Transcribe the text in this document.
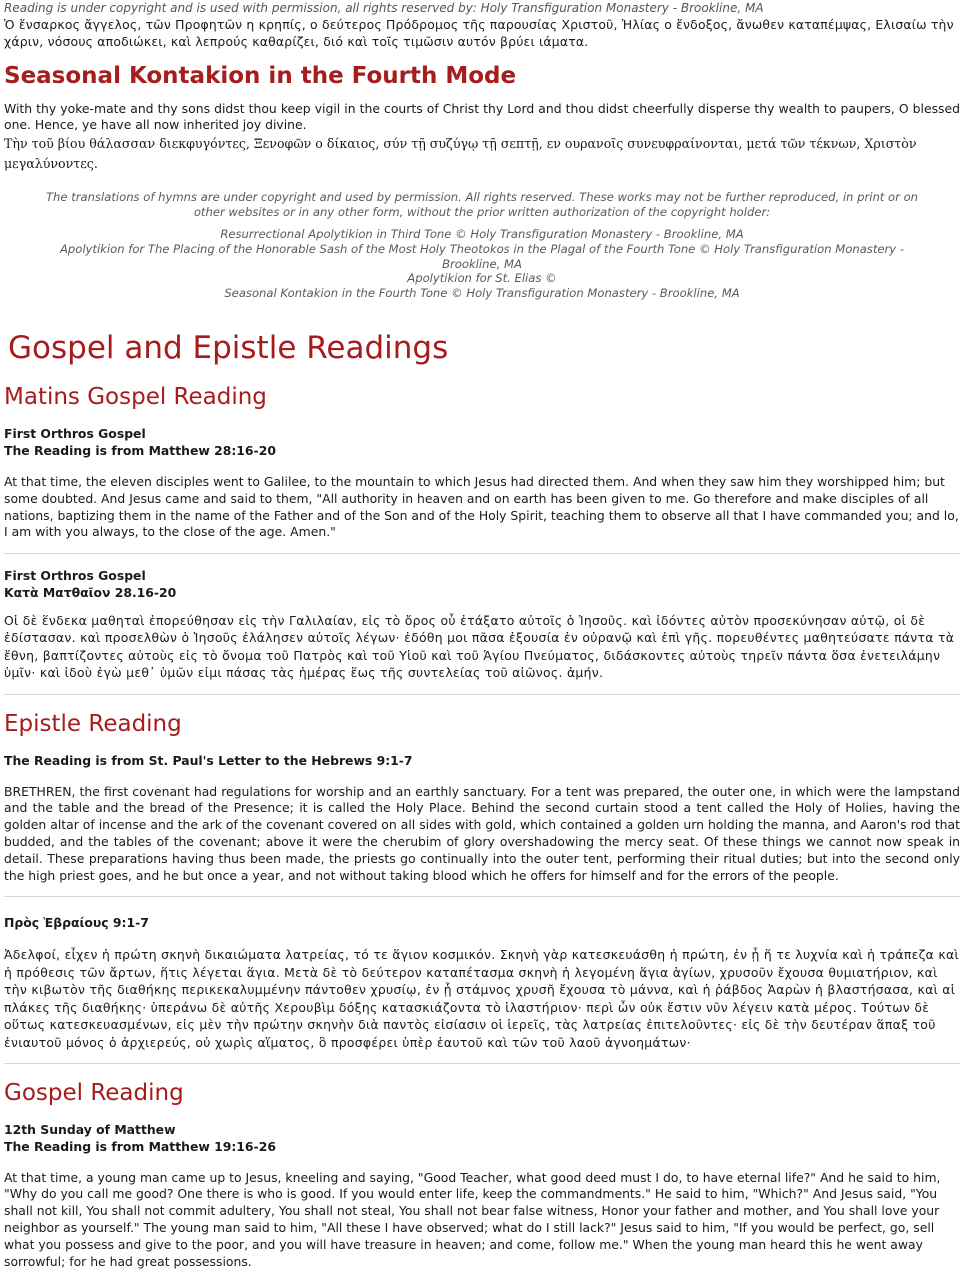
Reading is under copyright and is used with permission, all rights reserved by: Holy Transfiguration Monastery - Brookline, MA

Ὁ ἔνσαρκος ἄγγελος, τῶν Προφητῶν η κρηπίς, ο δεύτερος Πρόδρομος τῆς παρουσίας Χριστοῦ, Ἠλίας ο ἔνδοξος, ἄνωθεν καταπέμψας, Ελισαίω τὴν χάριν, νόσους αποδιώκει, καὶ λεπρούς καθαρίζει, διό καὶ τοῖς τιμῶσιν αυτόν βρύει ιάματα.

Seasonal Kontakion in the Fourth Mode

With thy yoke-mate and thy sons didst thou keep vigil in the courts of Christ thy Lord and thou didst cheerfully disperse thy wealth to paupers, O blessed one. Hence, ye have all now inherited joy divine.

Τὴν τοῦ βίου θάλασσαν διεκφυγόντες, Ξενοφῶν ο δίκαιος, σύν τῇ συζύγῳ τῇ σεπτῇ, εν ουρανοῖς συνευφραίνονται, μετά τῶν τέκνων, Χριστὸν μεγαλύνοντες.

The translations of hymns are under copyright and used by permission. All rights reserved. These works may not be further reproduced, in print or on other websites or in any other form, without the prior written authorization of the copyright holder:

Resurrectional Apolytikion in Third Tone © Holy Transfiguration Monastery - Brookline, MA

Apolytikion for The Placing of the Honorable Sash of the Most Holy Theotokos in the Plagal of the Fourth Tone © Holy Transfiguration Monastery - Brookline, MA

Apolytikion for St. Elias ©

Seasonal Kontakion in the Fourth Tone © Holy Transfiguration Monastery - Brookline, MA

Gospel and Epistle Readings
Matins Gospel Reading
First Orthros Gospel
The Reading is from Matthew 28:16-20

At that time, the eleven disciples went to Galilee, to the mountain to which Jesus had directed them. And when they saw him they worshipped him; but some doubted. And Jesus came and said to them, "All authority in heaven and on earth has been given to me. Go therefore and make disciples of all nations, baptizing them in the name of the Father and of the Son and of the Holy Spirit, teaching them to observe all that I have commanded you; and lo, I am with you always, to the close of the age. Amen."

First Orthros Gospel
Κατὰ Ματθαῖον 28.16-20

Οἱ δὲ ἕνδεκα μαθηταὶ ἐπορεύθησαν εἰς τὴν Γαλιλαίαν, εἰς τὸ ὄρος οὗ ἐτάξατο αὐτοῖς ὁ Ἰησοῦς. καὶ ἰδόντες αὐτὸν προσεκύνησαν αὐτῷ, οἱ δὲ ἐδίστασαν. καὶ προσελθὼν ὁ Ἰησοῦς ἐλάλησεν αὐτοῖς λέγων· ἐδόθη μοι πᾶσα ἐξουσία ἐν οὐρανῷ καὶ ἐπὶ γῆς. πορευθέντες μαθητεύσατε πάντα τὰ ἔθνη, βαπτίζοντες αὐτοὺς εἰς τὸ ὄνομα τοῦ Πατρὸς καὶ τοῦ Υἱοῦ καὶ τοῦ Ἁγίου Πνεύματος, διδάσκοντες αὐτοὺς τηρεῖν πάντα ὅσα ἐνετειλάμην ὑμῖν· καὶ ἰδοὺ ἐγὼ μεθ᾿ ὑμῶν εἰμι πάσας τὰς ἡμέρας ἕως τῆς συντελείας τοῦ αἰῶνος. ἀμήν.

Epistle Reading
The Reading is from St. Paul's Letter to the Hebrews 9:1-7

BRETHREN, the first covenant had regulations for worship and an earthly sanctuary. For a tent was prepared, the outer one, in which were the lampstand and the table and the bread of the Presence; it is called the Holy Place. Behind the second curtain stood a tent called the Holy of Holies, having the golden altar of incense and the ark of the covenant covered on all sides with gold, which contained a golden urn holding the manna, and Aaron's rod that budded, and the tables of the covenant; above it were the cherubim of glory overshadowing the mercy seat. Of these things we cannot now speak in detail. These preparations having thus been made, the priests go continually into the outer tent, performing their ritual duties; but into the second only the high priest goes, and he but once a year, and not without taking blood which he offers for himself and for the errors of the people.

Πρὸς Ἑβραίους 9:1-7

Ἀδελφοί, εἶχεν ἡ πρώτη σκηνὴ δικαιώματα λατρείας, τό τε ἅγιον κοσμικόν. Σκηνὴ γὰρ κατεσκευάσθη ἡ πρώτη, ἐν ᾗ ἥ τε λυχνία καὶ ἡ τράπεζα καὶ ἡ πρόθεσις τῶν ἄρτων, ἥτις λέγεται ἅγια. Μετὰ δὲ τὸ δεύτερον καταπέτασμα σκηνὴ ἡ λεγομένη ἅγια ἁγίων, χρυσοῦν ἔχουσα θυμιατήριον, καὶ τὴν κιβωτὸν τῆς διαθήκης περικεκαλυμμένην πάντοθεν χρυσίῳ, ἐν ᾗ στάμνος χρυσῆ ἔχουσα τὸ μάννα, καὶ ἡ ῥάβδος Ἀαρὼν ἡ βλαστήσασα, καὶ αἱ πλάκες τῆς διαθήκης· ὑπεράνω δὲ αὐτῆς Χερουβὶμ δόξης κατασκιάζοντα τὸ ἱλαστήριον· περὶ ὧν οὐκ ἔστιν νῦν λέγειν κατὰ μέρος. Τούτων δὲ οὕτως κατεσκευασμένων, εἰς μὲν τὴν πρώτην σκηνὴν διὰ παντὸς εἰσίασιν οἱ ἱερεῖς, τὰς λατρείας ἐπιτελοῦντες· εἰς δὲ τὴν δευτέραν ἅπαξ τοῦ ἐνιαυτοῦ μόνος ὁ ἀρχιερεύς, οὐ χωρὶς αἵματος, ὃ προσφέρει ὑπὲρ ἑαυτοῦ καὶ τῶν τοῦ λαοῦ ἀγνοημάτων·

Gospel Reading
12th Sunday of Matthew
The Reading is from Matthew 19:16-26

At that time, a young man came up to Jesus, kneeling and saying, "Good Teacher, what good deed must I do, to have eternal life?" And he said to him, "Why do you call me good? One there is who is good. If you would enter life, keep the commandments." He said to him, "Which?" And Jesus said, "You shall not kill, You shall not commit adultery, You shall not steal, You shall not bear false witness, Honor your father and mother, and You shall love your neighbor as yourself." The young man said to him, "All these I have observed; what do I still lack?" Jesus said to him, "If you would be perfect, go, sell what you possess and give to the poor, and you will have treasure in heaven; and come, follow me." When the young man heard this he went away sorrowful; for he had great possessions.
